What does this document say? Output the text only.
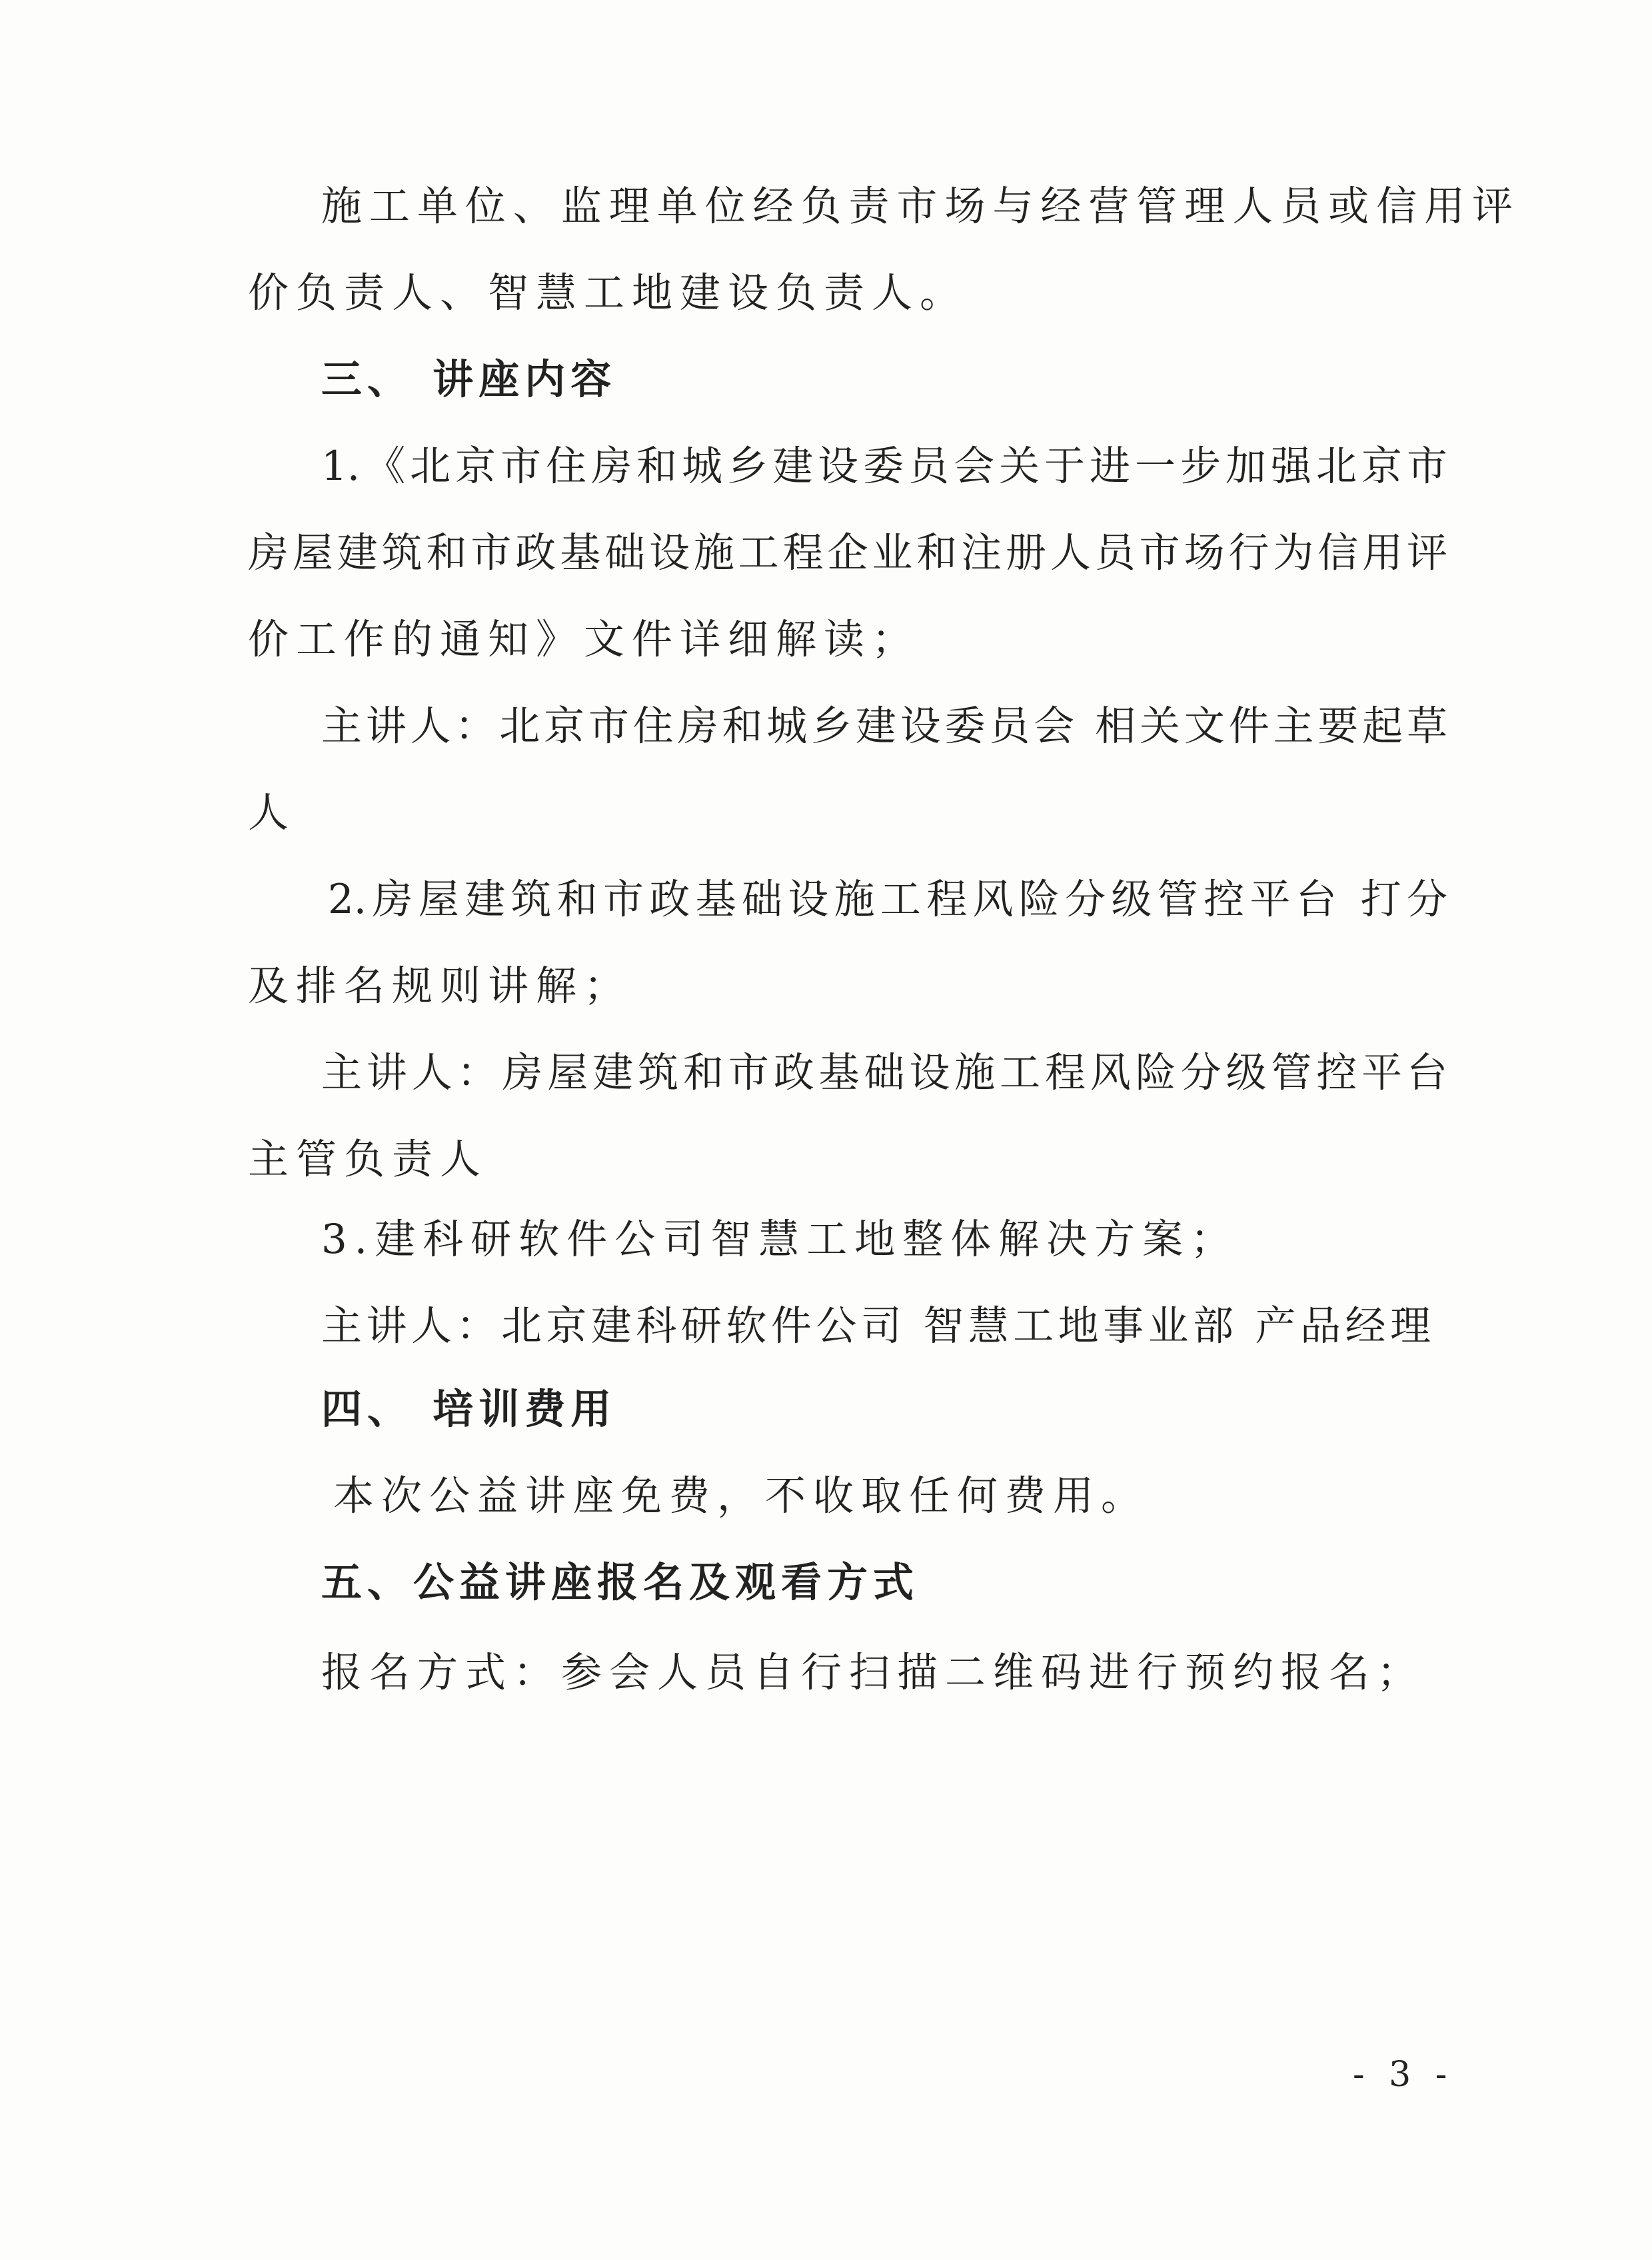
施工单位、监理单位经负责市场与经营管理人员或信用评
价负责人、智慧工地建设负责人。
三、 讲座内容
1.《北京市住房和城乡建设委员会关于进一步加强北京市
房屋建筑和市政基础设施工程企业和注册人员市场行为信用评
价工作的通知》文件详细解读；
主讲人：北京市住房和城乡建设委员会 相关文件主要起草
人
2.房屋建筑和市政基础设施工程风险分级管控平台 打分
及排名规则讲解；
主讲人：房屋建筑和市政基础设施工程风险分级管控平台
主管负责人
3.建科研软件公司智慧工地整体解决方案；
主讲人：北京建科研软件公司 智慧工地事业部 产品经理
四、 培训费用
本次公益讲座免费，不收取任何费用。
五、公益讲座报名及观看方式
报名方式：参会人员自行扫描二维码进行预约报名；
- 3 -
